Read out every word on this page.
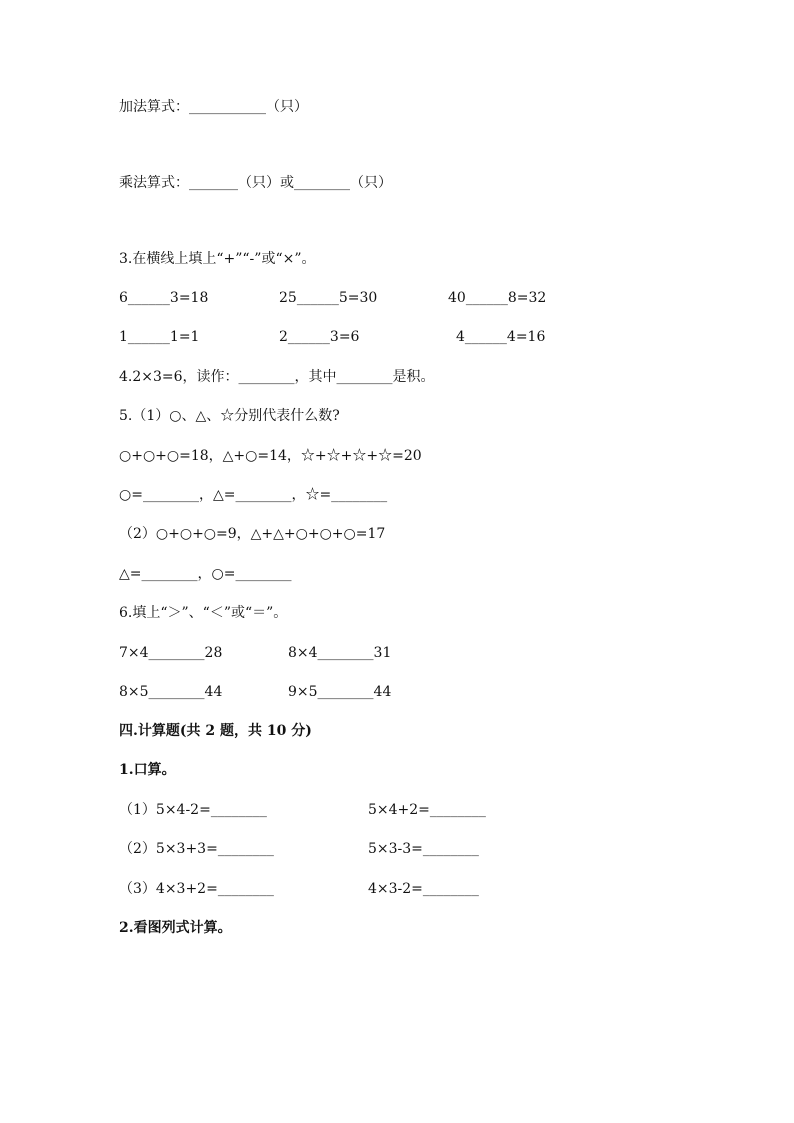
加法算式：___________（只）
乘法算式：_______（只）或________（只）
3.在横线上填上“+”“-”或“×”。
6______3=18	25______5=30	40______8=32
1______1=1	2______3=6	4______4=16
4.2×3=6，读作：________，其中________是积。
5.（1）○、△、☆分别代表什么数?
○+○+○=18，△+○=14，☆+☆+☆+☆=20
○=________，△=________，☆=________
（2）○+○+○=9，△+△+○+○+○=17
△=________，○=________
6.填上“＞”、“＜”或“＝”。
7×4________28	8×4________31
8×5________44	9×5________44
四.计算题(共 2 题，共 10 分)
1.口算。
（1）5×4-2=________	5×4+2=________
（2）5×3+3=________	5×3-3=________
（3）4×3+2=________	4×3-2=________
2.看图列式计算。
